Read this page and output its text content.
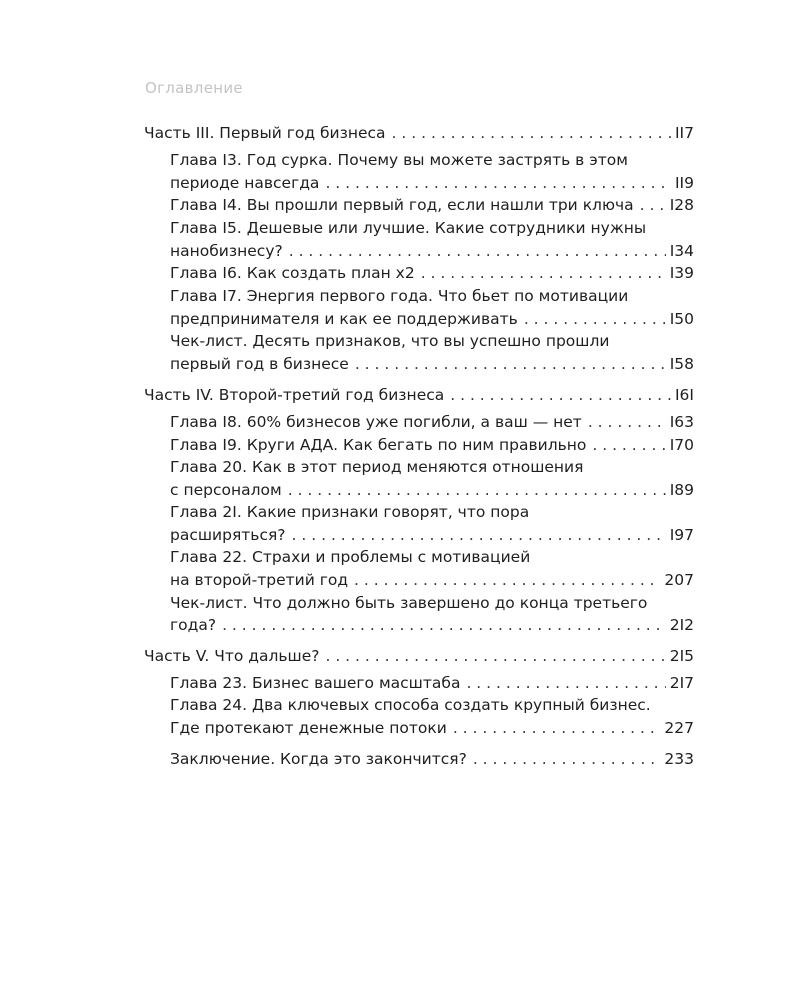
Оглавление
Часть III. Первый год бизнеса . . .	II7
Глава I3. Год сурка. Почему вы можете застрять в этом
периоде навсегда . . .	II9
Глава I4. Вы прошли первый год, если нашли три ключа . . . I28
Глава I5. Дешевые или лучшие. Какие сотрудники нужны
нанобизнесу? . . .	I34
Глава I6. Как создать план х2 . . .	I39
Глава I7. Энергия первого года. Что бьет по мотивации
предпринимателя и как ее поддерживать . . .	I50
Чек-лист. Десять признаков, что вы успешно прошли
первый год в бизнесе . . .	I58
Часть IV. Второй-третий год бизнеса . . .	I6I
Глава I8. 60% бизнесов уже погибли, а ваш — нет . . .	I63
Глава I9. Круги АДА. Как бегать по ним правильно . . .	I70
Глава 20. Как в этот период меняются отношения
с персоналом . . .	I89
Глава 2I. Какие признаки говорят, что пора
расширяться? . . .	I97
Глава 22. Страхи и проблемы с мотивацией
на второй-третий год . . .	207
Чек-лист. Что должно быть завершено до конца третьего
года? . . .	2I2
Часть V. Что дальше? . . .	2I5
Глава 23. Бизнес вашего масштаба . . .	2I7
Глава 24. Два ключевых способа создать крупный бизнес.
Где протекают денежные потоки . . .	227
Заключение. Когда это закончится? . . .	233
